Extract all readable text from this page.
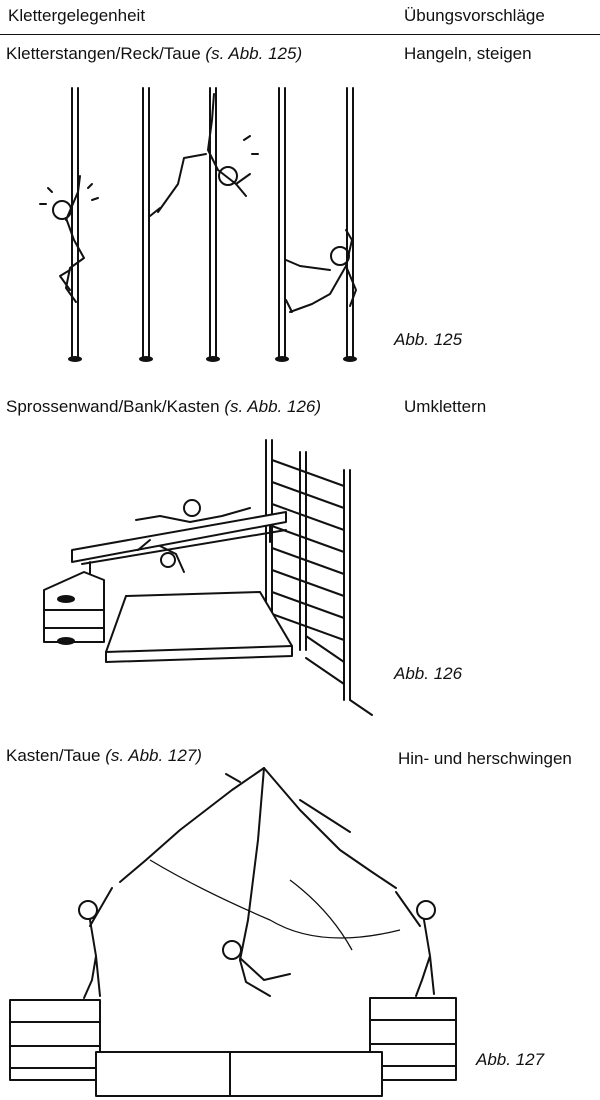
Klettergelegenheit	Übungsvorschläge
Kletterstangen/Reck/Taue (s. Abb. 125)	Hangeln, steigen
Abb. 125
Sprossenwand/Bank/Kasten (s. Abb. 126)	Umklettern
Abb. 126
Kasten/Taue (s. Abb. 127)	Hin- und herschwingen
Abb. 127
